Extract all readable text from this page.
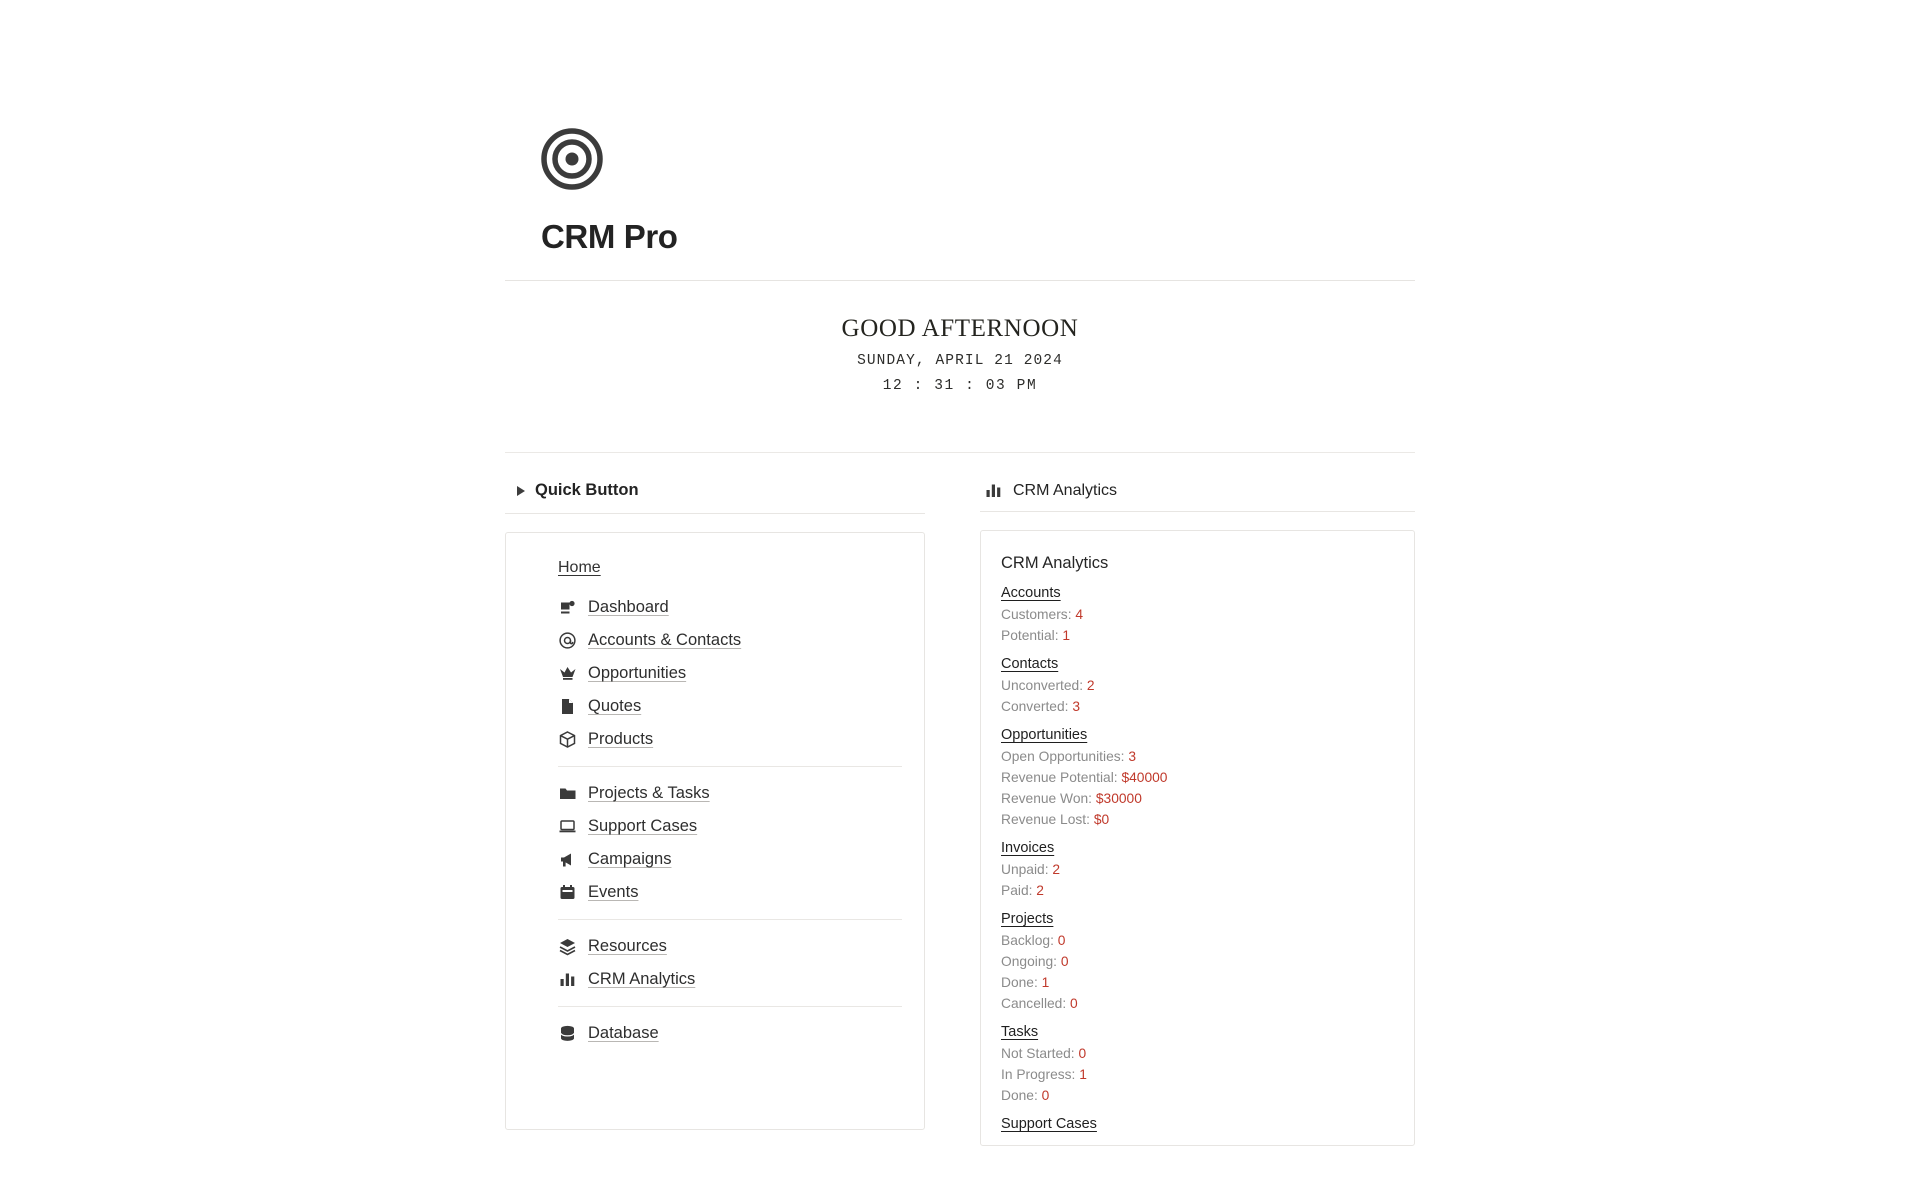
CRM Pro
GOOD AFTERNOON
SUNDAY, APRIL 21 2024
12 : 31 : 03 PM
Quick Button
Home
Dashboard
Accounts & Contacts
Opportunities
Quotes
Products
Projects & Tasks
Support Cases
Campaigns
Events
Resources
CRM Analytics
Database
CRM Analytics
CRM Analytics
Accounts
Customers: 4
Potential: 1
Contacts
Unconverted: 2
Converted: 3
Opportunities
Open Opportunities: 3
Revenue Potential: $40000
Revenue Won: $30000
Revenue Lost: $0
Invoices
Unpaid: 2
Paid: 2
Projects
Backlog: 0
Ongoing: 0
Done: 1
Cancelled: 0
Tasks
Not Started: 0
In Progress: 1
Done: 0
Support Cases
